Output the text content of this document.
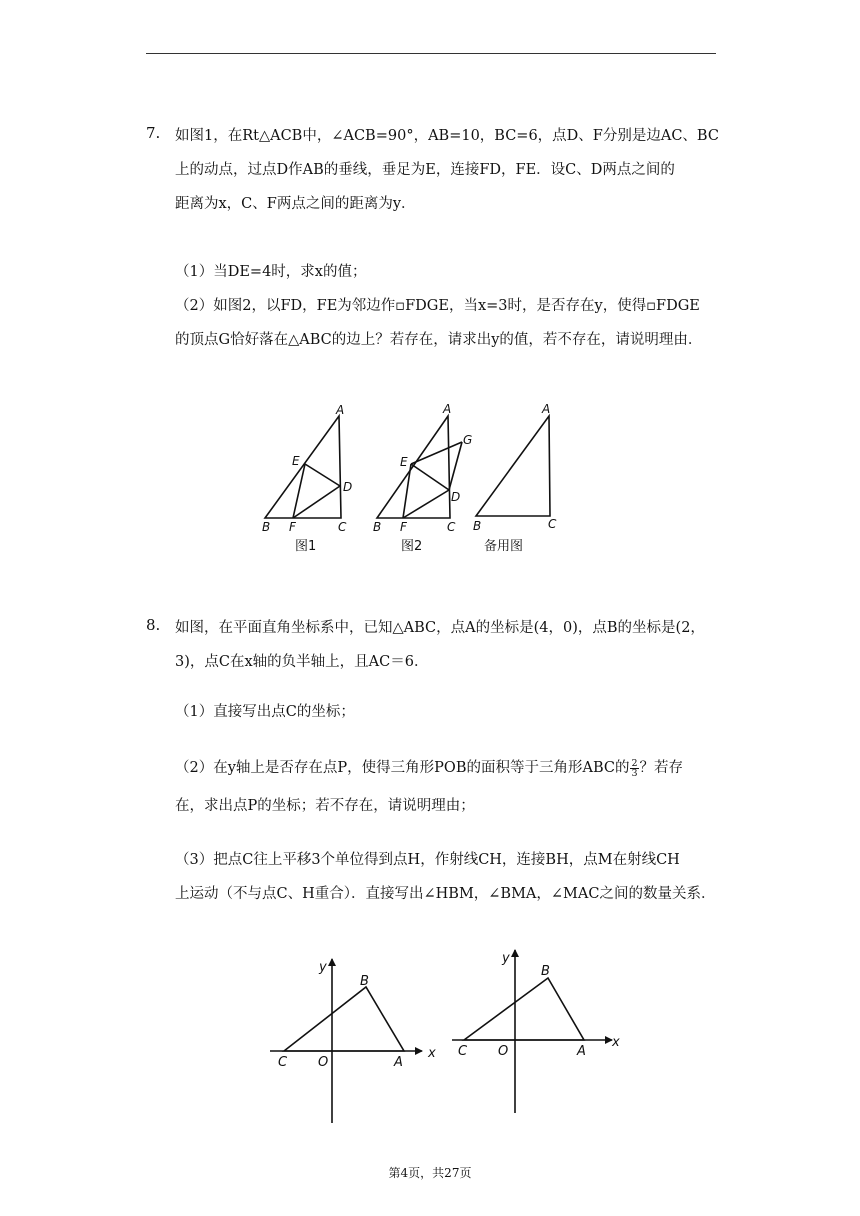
7. 如图1，在Rt△ACB中，∠ACB=90°，AB=10，BC=6，点D、F分别是边AC、BC
上的动点，过点D作AB的垂线，垂足为E，连接FD，FE．设C、D两点之间的
距离为x，C、F两点之间的距离为y．
（1）当DE=4时，求x的值；
（2）如图2，以FD，FE为邻边作▫FDGE，当x=3时，是否存在y，使得▫FDGE
的顶点G恰好落在△ABC的边上？若存在，请求出y的值，若不存在，请说明理由．
A
E
D
B F	C
A
G
E
D
B F	C
A
B	C
图1	图2	备用图
8. 如图，在平面直角坐标系中，已知△ABC，点A的坐标是(4，0)，点B的坐标是(2，
3)，点C在x轴的负半轴上，且AC＝6．
（1）直接写出点C的坐标；
（2）在y轴上是否存在点P，使得三角形POB的面积等于三角形ABC的 $\frac{2}{3}$ ？若存
在，求出点P的坐标；若不存在，请说明理由；
（3）把点C往上平移3个单位得到点H，作射线CH，连接BH，点M在射线CH
上运动（不与点C、H重合）．直接写出∠HBM，∠BMA，∠MAC之间的数量关系．
y
B
C O	A
x
y
B
C O	A
x
第4页，共27页
